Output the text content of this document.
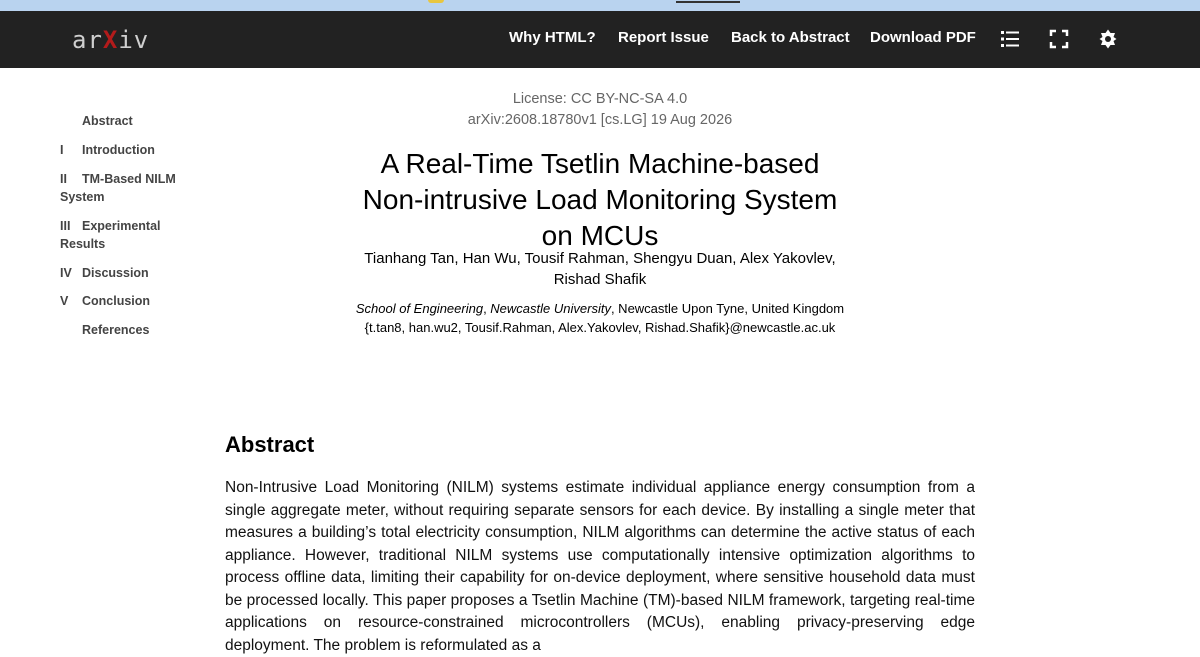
ar X iv	Why HTML? Report Issue Back to Abstract Download PDF
Abstract
I Introduction
II TM-Based NILM System
III Experimental Results
IV Discussion
V Conclusion
References
License: CC BY-NC-SA 4.0
arXiv:2608.18780v1 [cs.LG] 19 Aug 2026
A Real-Time Tsetlin Machine-based Non-intrusive Load Monitoring System on MCUs
Tianhang Tan, Han Wu, Tousif Rahman, Shengyu Duan, Alex Yakovlev, Rishad Shafik
School of Engineering, Newcastle University, Newcastle Upon Tyne, United Kingdom
{t.tan8, han.wu2, Tousif.Rahman, Alex.Yakovlev, Rishad.Shafik}@newcastle.ac.uk
Abstract

Non-Intrusive Load Monitoring (NILM) systems estimate individual appliance energy consumption from a single aggregate meter, without requiring separate sensors for each device. By installing a single meter that measures a building’s total electricity consumption, NILM algorithms can determine the active status of each appliance. However, traditional NILM systems use computationally intensive optimization algorithms to process offline data, limiting their capability for on-device deployment, where sensitive household data must be processed locally. This paper proposes a Tsetlin Machine (TM)-based NILM framework, targeting real-time applications on resource-constrained microcontrollers (MCUs), enabling privacy-preserving edge deployment. The problem is reformulated as a
